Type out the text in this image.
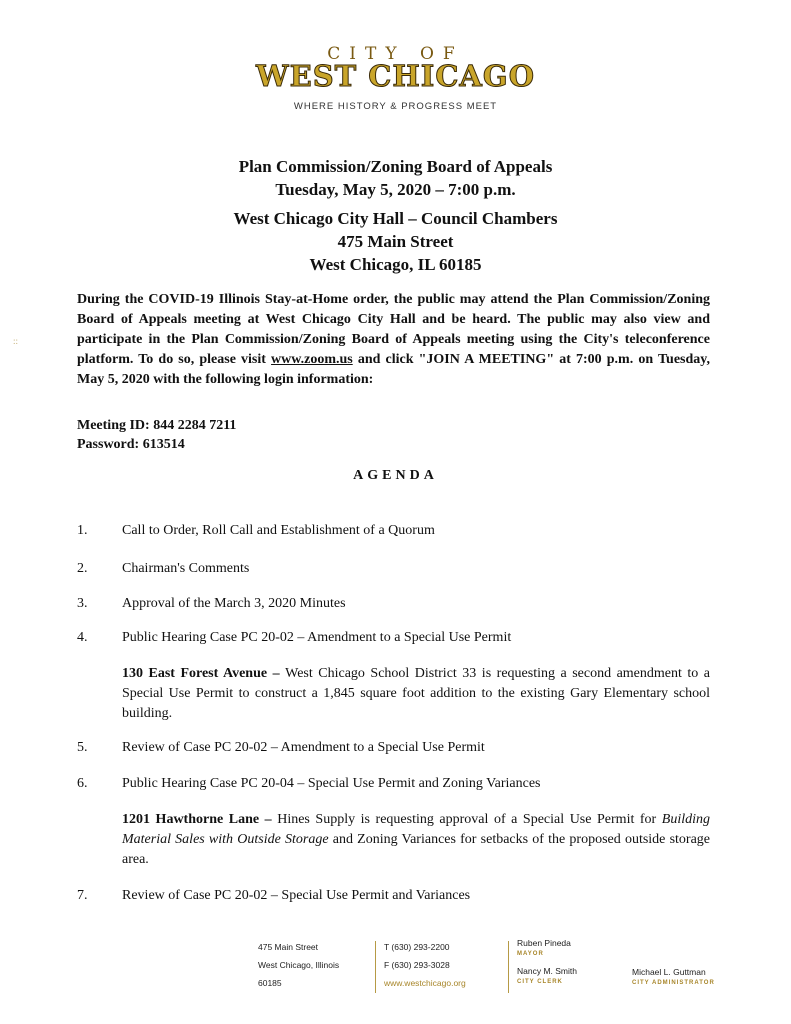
CITY OF
WEST CHICAGO
WHERE HISTORY & PROGRESS MEET
Plan Commission/Zoning Board of Appeals
Tuesday, May 5, 2020 – 7:00 p.m.
West Chicago City Hall – Council Chambers
475 Main Street
West Chicago, IL 60185
::
During the COVID-19 Illinois Stay-at-Home order, the public may attend the Plan Commission/Zoning Board of Appeals meeting at West Chicago City Hall and be heard. The public may also view and participate in the Plan Commission/Zoning Board of Appeals meeting using the City's teleconference platform. To do so, please visit www.zoom.us and click "JOIN A MEETING" at 7:00 p.m. on Tuesday, May 5, 2020 with the following login information:
Meeting ID: 844 2284 7211
Password: 613514
AGENDA
1. Call to Order, Roll Call and Establishment of a Quorum
2. Chairman's Comments
3. Approval of the March 3, 2020 Minutes
4. Public Hearing Case PC 20-02 – Amendment to a Special Use Permit
130 East Forest Avenue – West Chicago School District 33 is requesting a second amendment to a Special Use Permit to construct a 1,845 square foot addition to the existing Gary Elementary school building.
5. Review of Case PC 20-02 – Amendment to a Special Use Permit
6. Public Hearing Case PC 20-04 – Special Use Permit and Zoning Variances
1201 Hawthorne Lane – Hines Supply is requesting approval of a Special Use Permit for Building Material Sales with Outside Storage and Zoning Variances for setbacks of the proposed outside storage area.
7. Review of Case PC 20-02 – Special Use Permit and Variances
475 Main Street
West Chicago, Illinois
60185
T (630) 293-2200
F (630) 293-3028
www.westchicago.org
Ruben Pineda
MAYOR
Nancy M. Smith
CITY CLERK
Michael L. Guttman
CITY ADMINISTRATOR
